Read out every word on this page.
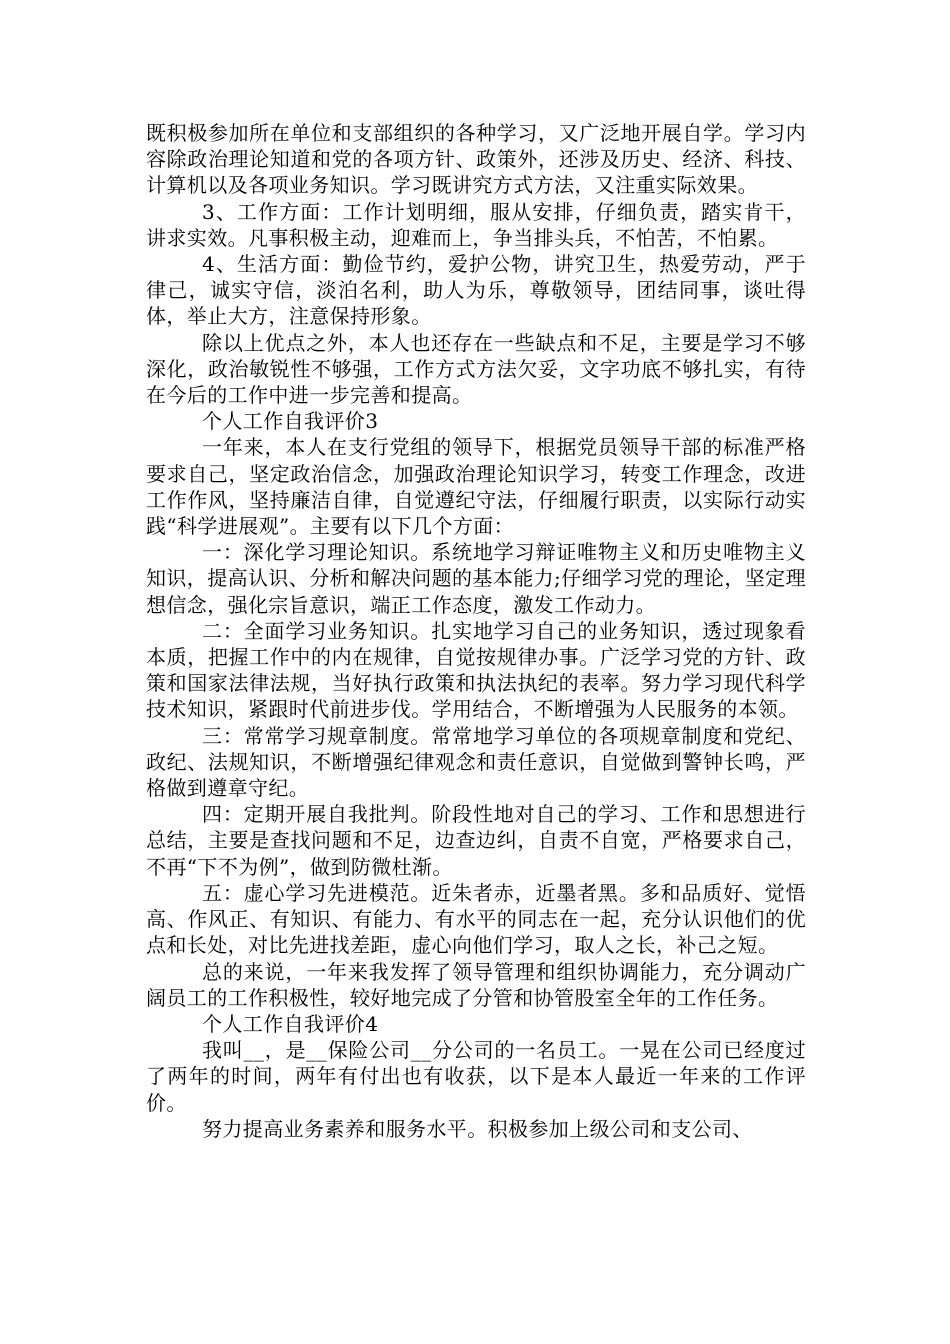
既积极参加所在单位和支部组织的各种学习，又广泛地开展自学。学习内容除政治理论知道和党的各项方针、政策外，还涉及历史、经济、科技、计算机以及各项业务知识。学习既讲究方式方法，又注重实际效果。

3、工作方面：工作计划明细，服从安排，仔细负责，踏实肯干，讲求实效。凡事积极主动，迎难而上，争当排头兵，不怕苦，不怕累。

4、生活方面：勤俭节约，爱护公物，讲究卫生，热爱劳动，严于律己，诚实守信，淡泊名利，助人为乐，尊敬领导，团结同事，谈吐得体，举止大方，注意保持形象。

除以上优点之外，本人也还存在一些缺点和不足，主要是学习不够深化，政治敏锐性不够强，工作方式方法欠妥，文字功底不够扎实，有待在今后的工作中进一步完善和提高。

个人工作自我评价3

一年来，本人在支行党组的领导下，根据党员领导干部的标准严格要求自己，坚定政治信念，加强政治理论知识学习，转变工作理念，改进工作作风，坚持廉洁自律，自觉遵纪守法，仔细履行职责，以实际行动实践“科学进展观”。主要有以下几个方面：

一：深化学习理论知识。系统地学习辩证唯物主义和历史唯物主义知识，提高认识、分析和解决问题的基本能力;仔细学习党的理论，坚定理想信念，强化宗旨意识，端正工作态度，激发工作动力。

二：全面学习业务知识。扎实地学习自己的业务知识，透过现象看本质，把握工作中的内在规律，自觉按规律办事。广泛学习党的方针、政策和国家法律法规，当好执行政策和执法执纪的表率。努力学习现代科学技术知识，紧跟时代前进步伐。学用结合，不断增强为人民服务的本领。

三：常常学习规章制度。常常地学习单位的各项规章制度和党纪、政纪、法规知识，不断增强纪律观念和责任意识，自觉做到警钟长鸣，严格做到遵章守纪。

四：定期开展自我批判。阶段性地对自己的学习、工作和思想进行总结，主要是查找问题和不足，边查边纠，自责不自宽，严格要求自己，不再“下不为例”，做到防微杜渐。

五：虚心学习先进模范。近朱者赤，近墨者黑。多和品质好、觉悟高、作风正、有知识、有能力、有水平的同志在一起，充分认识他们的优点和长处，对比先进找差距，虚心向他们学习，取人之长，补己之短。

总的来说，一年来我发挥了领导管理和组织协调能力，充分调动广阔员工的工作积极性，较好地完成了分管和协管股室全年的工作任务。

个人工作自我评价4

我叫__，是__保险公司__分公司的一名员工。一晃在公司已经度过了两年的时间，两年有付出也有收获，以下是本人最近一年来的工作评价。

努力提高业务素养和服务水平。积极参加上级公司和支公司、
